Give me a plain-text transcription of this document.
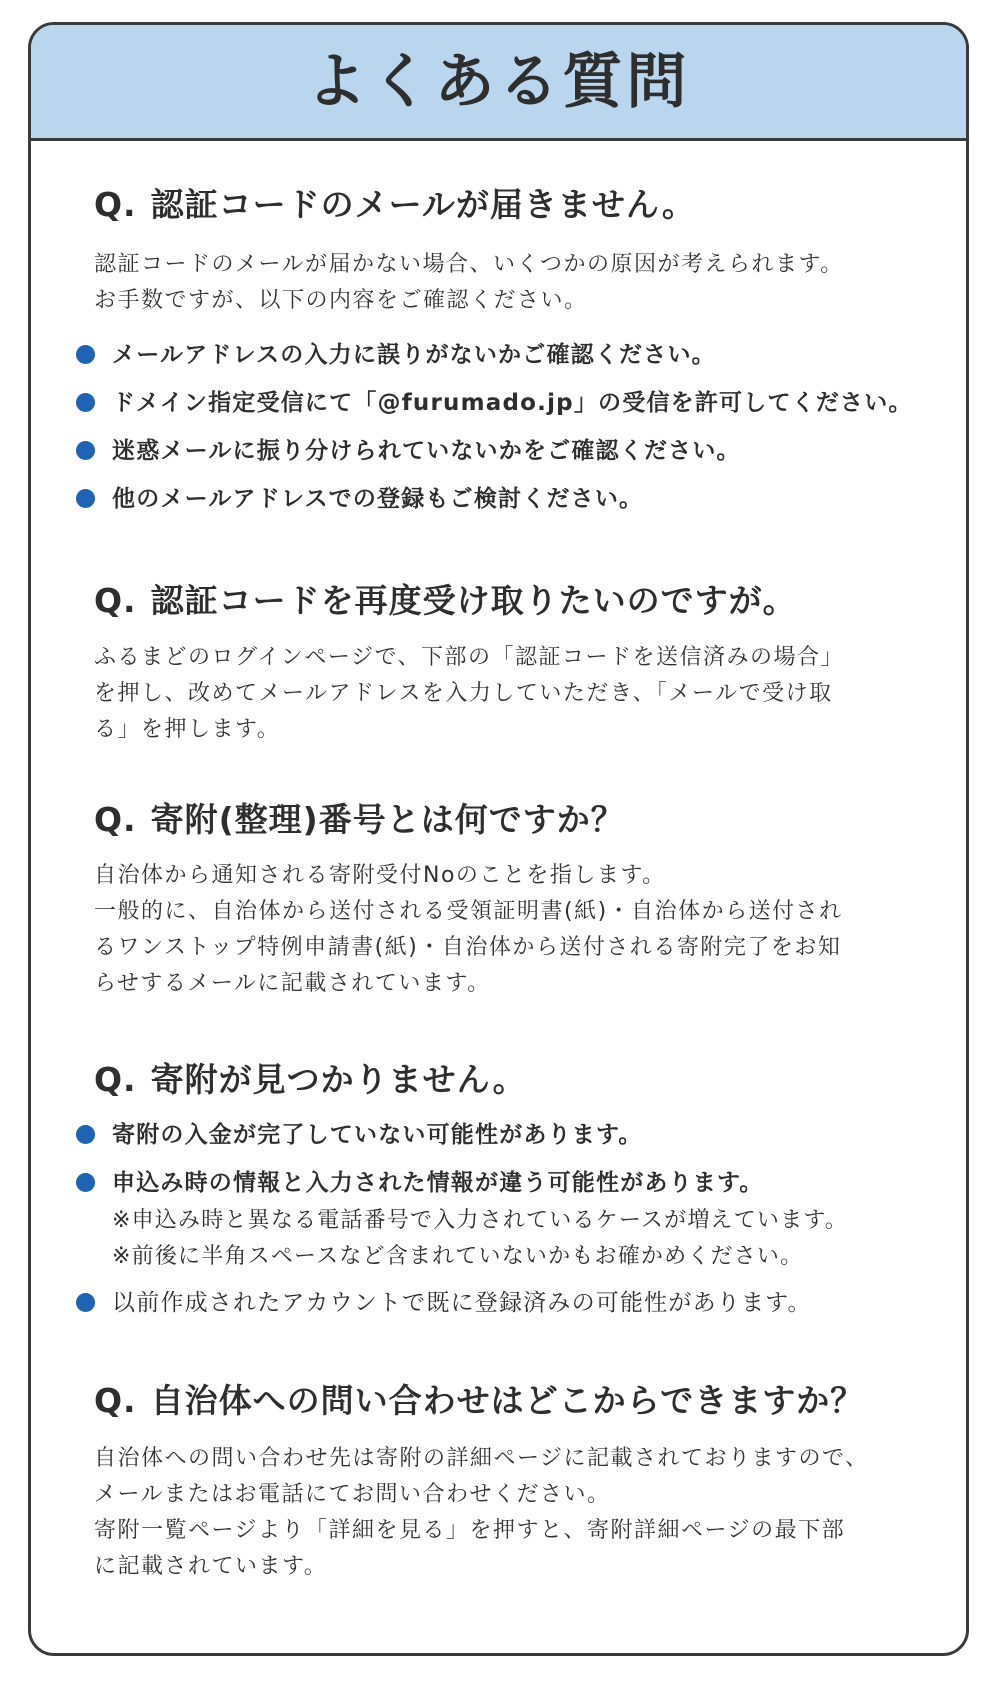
よくある質問
Q. 認証コードのメールが届きません。

認証コードのメールが届かない場合、いくつかの原因が考えられます。
お手数ですが、以下の内容をご確認ください。

メールアドレスの入力に誤りがないかご確認ください。
ドメイン指定受信にて「@furumado.jp」の受信を許可してください。
迷惑メールに振り分けられていないかをご確認ください。
他のメールアドレスでの登録もご検討ください。
Q. 認証コードを再度受け取りたいのですが。

ふるまどのログインページで、下部の「認証コードを送信済みの場合」
を押し、改めてメールアドレスを入力していただき、「メールで受け取
る」を押します。

Q. 寄附(整理)番号とは何ですか？

自治体から通知される寄附受付Noのことを指します。
一般的に、自治体から送付される受領証明書(紙)・自治体から送付され
るワンストップ特例申請書(紙)・自治体から送付される寄附完了をお知
らせするメールに記載されています。

Q. 寄附が見つかりません。
寄附の入金が完了していない可能性があります。
申込み時の情報と入力された情報が違う可能性があります。
※申込み時と異なる電話番号で入力されているケースが増えています。
※前後に半角スペースなど含まれていないかもお確かめください。
以前作成されたアカウントで既に登録済みの可能性があります。
Q. 自治体への問い合わせはどこからできますか？

自治体への問い合わせ先は寄附の詳細ページに記載されておりますので、
メールまたはお電話にてお問い合わせください。
寄附一覧ページより「詳細を見る」を押すと、寄附詳細ページの最下部
に記載されています。
